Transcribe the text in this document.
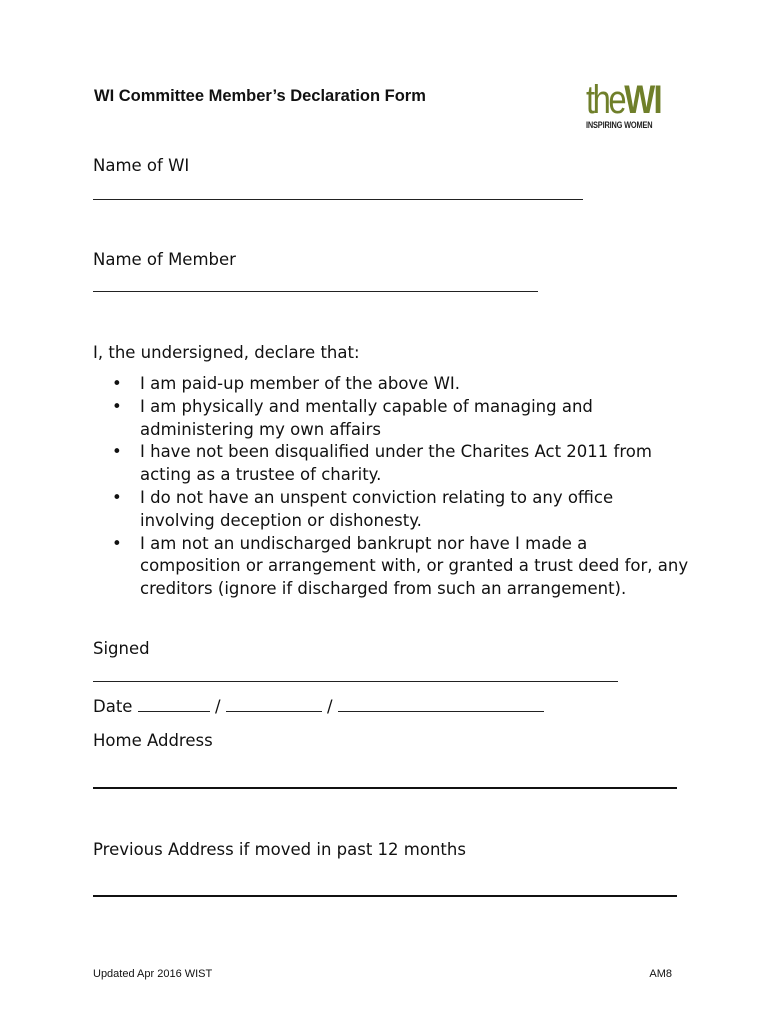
WI Committee Member’s Declaration Form	theWI
INSPIRING WOMEN
Name of WI
Name of Member
I, the undersigned, declare that:
• I am paid-up member of the above WI.
• I am physically and mentally capable of managing and administering my own affairs
• I have not been disqualified under the Charites Act 2011 from acting as a trustee of charity.
• I do not have an unspent conviction relating to any office involving deception or dishonesty.
• I am not an undischarged bankrupt nor have I made a composition or arrangement with, or granted a trust deed for, any creditors (ignore if discharged from such an arrangement).
Signed
Date	/	/
Home Address
Previous Address if moved in past 12 months
Updated Apr 2016 WIST	AM8
